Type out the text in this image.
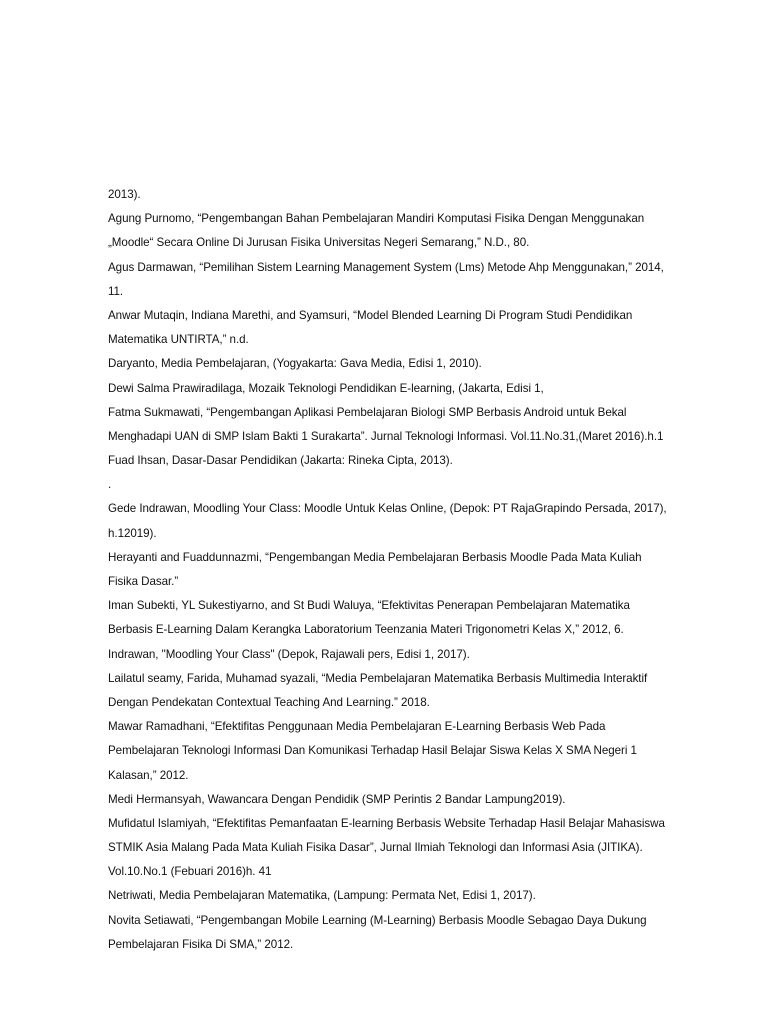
2013).
Agung Purnomo, “Pengembangan Bahan Pembelajaran Mandiri Komputasi Fisika Dengan Menggunakan
„Moodle“ Secara Online Di Jurusan Fisika Universitas Negeri Semarang,” N.D., 80.
Agus Darmawan, “Pemilihan Sistem Learning Management System (Lms) Metode Ahp Menggunakan,” 2014,
11.
Anwar Mutaqin, Indiana Marethi, and Syamsuri, “Model Blended Learning Di Program Studi Pendidikan
Matematika UNTIRTA,” n.d.
Daryanto, Media Pembelajaran, (Yogyakarta: Gava Media, Edisi 1, 2010).
Dewi Salma Prawiradilaga, Mozaik Teknologi Pendidikan E-learning, (Jakarta, Edisi 1,
Fatma Sukmawati, “Pengembangan Aplikasi Pembelajaran Biologi SMP Berbasis Android untuk Bekal
Menghadapi UAN di SMP Islam Bakti 1 Surakarta”. Jurnal Teknologi Informasi. Vol.11.No.31,(Maret 2016).h.1
Fuad Ihsan, Dasar-Dasar Pendidikan (Jakarta: Rineka Cipta, 2013).
.
Gede Indrawan, Moodling Your Class: Moodle Untuk Kelas Online, (Depok: PT RajaGrapindo Persada, 2017),
h.12019).
Herayanti and Fuaddunnazmi, “Pengembangan Media Pembelajaran Berbasis Moodle Pada Mata Kuliah
Fisika Dasar.”
Iman Subekti, YL Sukestiyarno, and St Budi Waluya, “Efektivitas Penerapan Pembelajaran Matematika
Berbasis E-Learning Dalam Kerangka Laboratorium Teenzania Materi Trigonometri Kelas X,” 2012, 6.
Indrawan, "Moodling Your Class" (Depok, Rajawali pers, Edisi 1, 2017).
Lailatul seamy, Farida, Muhamad syazali, “Media Pembelajaran Matematika Berbasis Multimedia Interaktif
Dengan Pendekatan Contextual Teaching And Learning.” 2018.
Mawar Ramadhani, “Efektifitas Penggunaan Media Pembelajaran E-Learning Berbasis Web Pada
Pembelajaran Teknologi Informasi Dan Komunikasi Terhadap Hasil Belajar Siswa Kelas X SMA Negeri 1
Kalasan,” 2012.
Medi Hermansyah, Wawancara Dengan Pendidik (SMP Perintis 2 Bandar Lampung2019).
Mufidatul Islamiyah, “Efektifitas Pemanfaatan E-learning Berbasis Website Terhadap Hasil Belajar Mahasiswa
STMIK Asia Malang Pada Mata Kuliah Fisika Dasar”, Jurnal Ilmiah Teknologi dan Informasi Asia (JITIKA).
Vol.10.No.1 (Febuari 2016)h. 41
Netriwati, Media Pembelajaran Matematika, (Lampung: Permata Net, Edisi 1, 2017).
Novita Setiawati, “Pengembangan Mobile Learning (M-Learning) Berbasis Moodle Sebagao Daya Dukung
Pembelajaran Fisika Di SMA,” 2012.
